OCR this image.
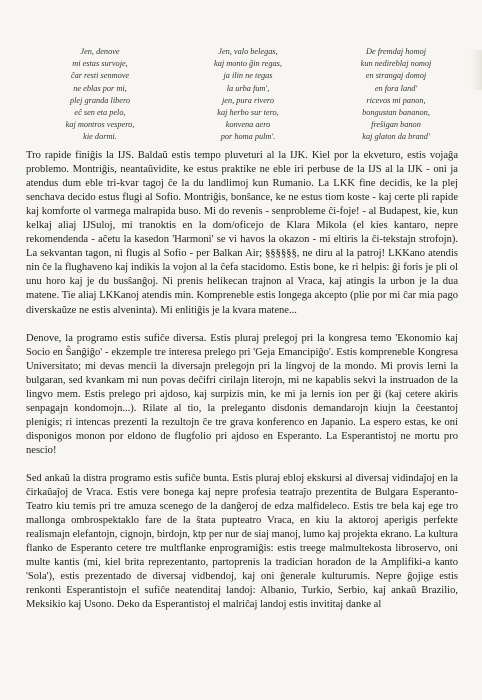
Jen, denove
mi estas survoje,
ĉar resti senmove
ne eblas por mi,
plej granda libero
eĉ sen eta pelo,
kaj montros vespero,
kie dormi.
Jen, valo belegas,
kaj monto ĝin regas,
ja ilin ne tegas
la urba fum',
jen, pura rivero
kaj herbo sur tero,
konvena aero
por homa pulm'.
De fremdaj homoj
kun nedireblaj nomoj
en strangaj domoj
en fora land'
ricevos mi panon,
bongustan bananon,
freŝigan banon
kaj glaton da brand'

Tro rapide finiĝis la IJS. Baldaŭ estis tempo pluveturi al la IJK. Kiel por la ekveturo, estis vojaĝa problemo. Montriĝis, neantaŭvidite, ke estus praktike ne eble iri perbuse de la IJS al la IJK - oni ja atendus dum eble tri-kvar tagoj ĉe la du landlimoj kun Rumanio. La LKK fine decidis, ke la plej senchava decido estus flugi al Sofio. Montriĝis, bonŝance, ke ne estus tiom koste - kaj certe pli rapide kaj komforte ol varmega malrapida buso. Mi do revenis - senprobleme ĉi-foje! - al Budapest, kie, kun kelkaj aliaj IJSuloj, mi tranoktis en la dom/oficejo de Klara Mikola (el kies kantaro, nepre rekomendenda - aĉetu la kasedon 'Harmoni' se vi havos la okazon - mi eltiris la ĉi-tekstajn strofojn). La sekvantan tagon, ni flugis al Sofio - per Balkan Air; §§§§§§, ne diru al la patroj! LKKano atendis nin ĉe la flughaveno kaj indikis la vojon al la ĉefa stacidomo. Estis bone, ke ri helpis: ĝi foris je pli ol unu horo kaj je du busŝanĝoj. Ni prenis helikecan trajnon al Vraca, kaj atingis la urbon je la dua matene. Tie aliaj LKKanoj atendis min. Kompreneble estis longega akcepto (plie por mi ĉar mia pago diverskaŭze ne estis alveninta). Mi enlitiĝis je la kvara matene...

Denove, la programo estis sufiĉe diversa. Estis pluraj prelegoj pri la kongresa temo 'Ekonomio kaj Socio en Ŝanĝiĝo' - ekzemple tre interesa prelego pri 'Geja Emancipiĝo'. Estis kompreneble Kongresa Universitato; mi devas mencii la diversajn prelegojn pri la lingvoj de la mondo. Mi provis lerni la bulgaran, sed kvankam mi nun povas deĉifri cirilajn literojn, mi ne kapablis sekvi la instruadon de la lingvo mem. Estis prelego pri ajdoso, kaj surpizis min, ke mi ja lernis ion per ĝi (kaj cetere akiris senpagajn kondomojn...). Rilate al tio, la preleganto disdonis demandarojn kiujn la ĉeestantoj plenigis; ri intencas prezenti la rezultojn ĉe tre grava konferenco en Japanio. La espero estas, ke oni disponigos monon por eldono de flugfolio pri ajdoso en Esperanto. La Esperantistoj ne mortu pro nescio!

Sed ankaŭ la distra programo estis sufiĉe bunta. Estis pluraj ebloj ekskursi al diversaj vidindaĵoj en la ĉirkaŭaĵoj de Vraca. Estis vere bonega kaj nepre profesia teatraĵo prezentita de Bulgara Esperanto-Teatro kiu temis pri tre amuza scenego de la danĝeroj de edza malfideleco. Estis tre bela kaj ege tro mallonga ombrospektaklo fare de la ŝtata pupteatro Vraca, en kiu la aktoroj aperigis perfekte realismajn elefantojn, cignojn, birdojn, ktp per nur de siaj manoj, lumo kaj projekta ekrano. La kultura flanko de Esperanto cetere tre multflanke enprogramiĝis: estis treege malmultekosta libroservo, oni multe kantis (mi, kiel brita reprezentanto, partoprenis la tradician horadon de la Amplifiki-a kanto 'Sola'), estis prezentado de diversaj vidbendoj, kaj oni ĝenerale kulturumis. Nepre ĝojige estis renkonti Esperantistojn el sufiĉe neatenditaj landoj: Albanio, Turkio, Serbio, kaj ankaŭ Brazilio, Meksikio kaj Usono. Deko da Esperantistoj el malriĉaj landoj estis invititaj danke al
